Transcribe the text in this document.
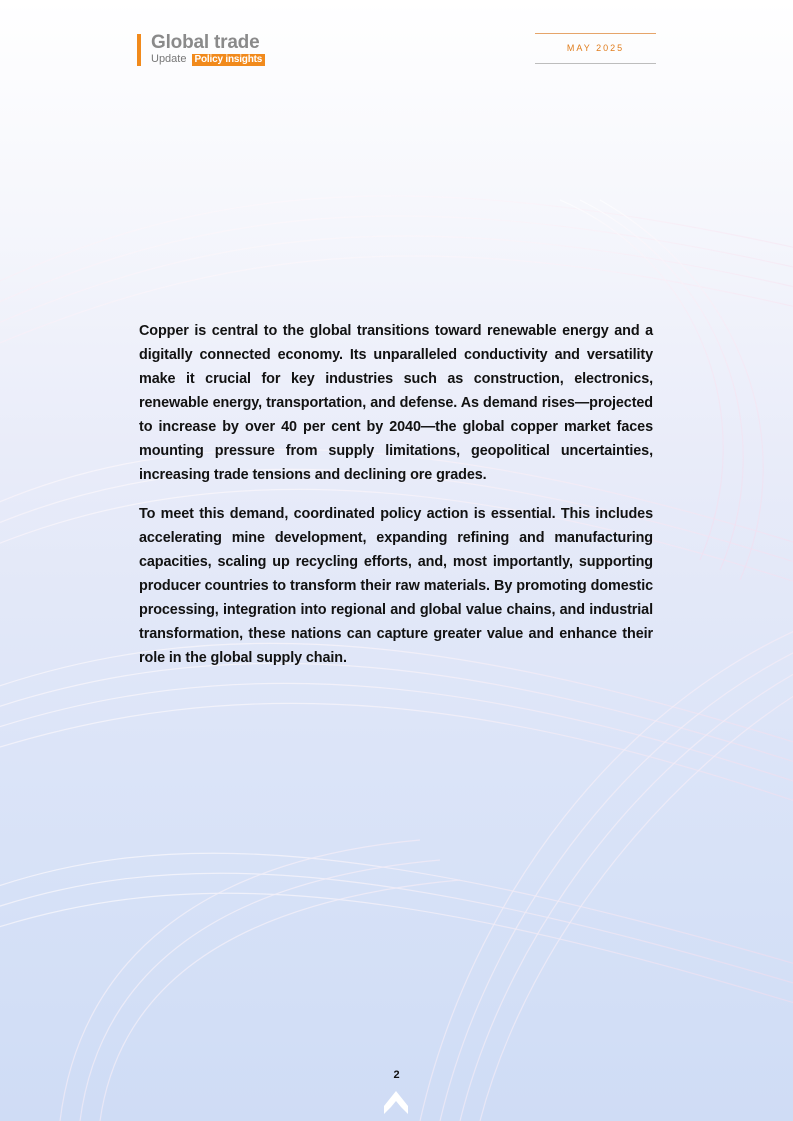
Global trade
Update Policy insights
MAY 2025

Copper is central to the global transitions toward renewable energy and a digitally connected economy. Its unparalleled conductivity and versatility make it crucial for key industries such as construction, electronics, renewable energy, transportation, and defense. As demand rises—projected to increase by over 40 per cent by 2040—the global copper market faces mounting pressure from supply limitations, geopolitical uncertainties, increasing trade tensions and declining ore grades.

To meet this demand, coordinated policy action is essential. This includes accelerating mine development, expanding refining and manufacturing capacities, scaling up recycling efforts, and, most importantly, supporting producer countries to transform their raw materials. By promoting domestic processing, integration into regional and global value chains, and industrial transformation, these nations can capture greater value and enhance their role in the global supply chain.

2
